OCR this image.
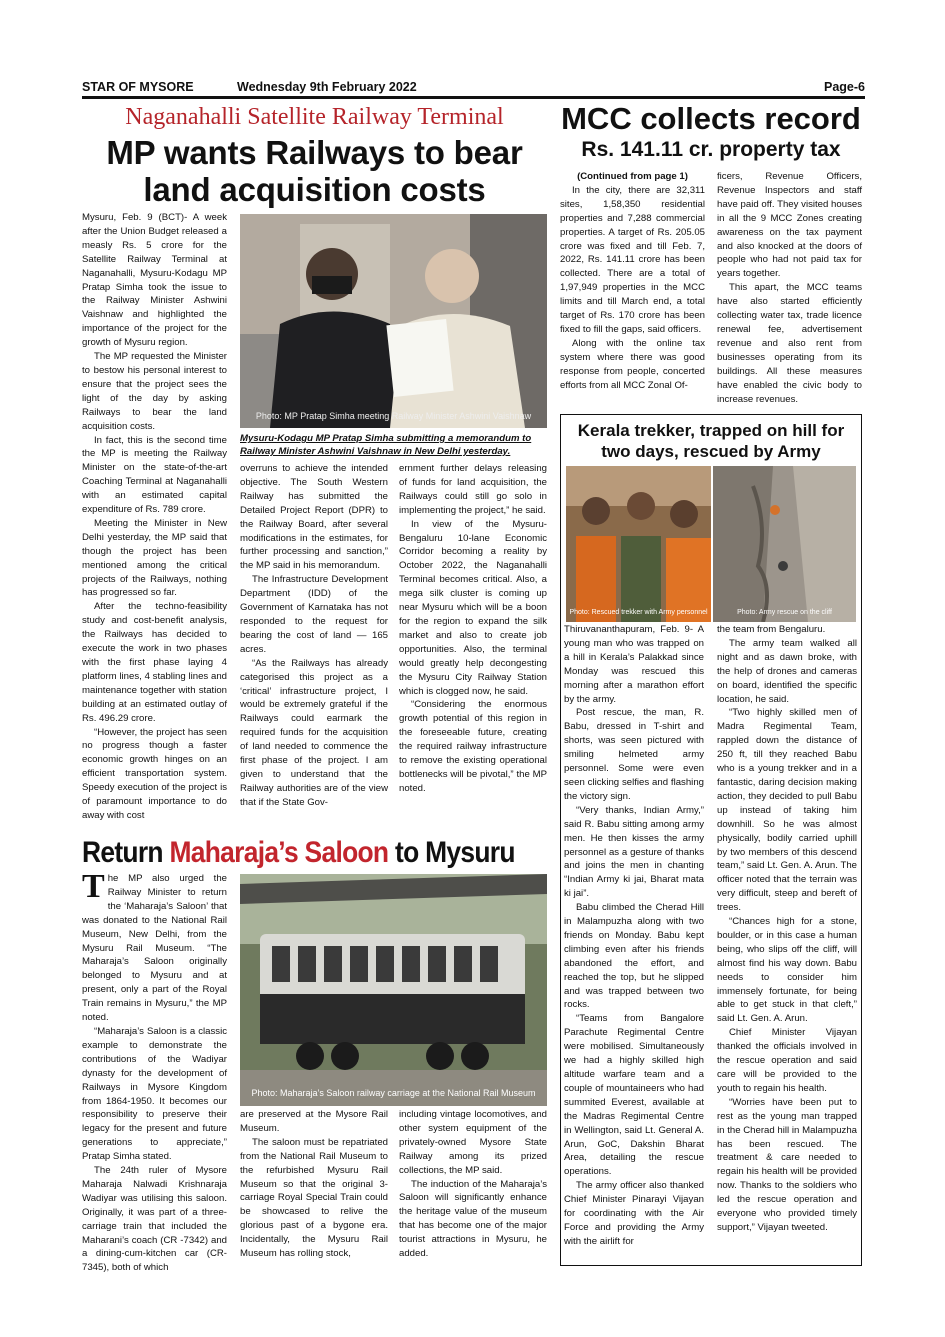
STAR OF MYSORE	Wednesday 9th February 2022	Page-6
Naganahalli Satellite Railway Terminal
MP wants Railways to bear
land acquisition costs

Mysuru, Feb. 9 (BCT)- A week after the Union Budget released a measly Rs. 5 crore for the Satellite Railway Terminal at Naganahalli, Mysuru-Kodagu MP Pratap Simha took the issue to the Railway Minister Ashwini Vaishnaw and highlighted the importance of the project for the growth of Mysuru region.

The MP requested the Minister to bestow his personal interest to ensure that the project sees the light of the day by asking Railways to bear the land acquisition costs.

In fact, this is the second time the MP is meeting the Railway Minister on the state-of-the-art Coaching Terminal at Naganahalli with an estimated capital expenditure of Rs. 789 crore.

Meeting the Minister in New Delhi yesterday, the MP said that though the project has been mentioned among the critical projects of the Railways, nothing has progressed so far.

After the techno-feasibility study and cost-benefit analysis, the Railways has decided to execute the work in two phases with the first phase laying 4 platform lines, 4 stabling lines and maintenance together with station building at an estimated outlay of Rs. 496.29 crore.

“However, the project has seen no progress though a faster economic growth hinges on an efficient transportation system. Speedy execution of the project is of paramount importance to do away with cost

Photo: MP Pratap Simha meeting Railway Minister Ashwini Vaishnaw
Mysuru-Kodagu MP Pratap Simha submitting a memorandum to Railway Minister Ashwini Vaishnaw in New Delhi yesterday.

overruns to achieve the intended objective. The South Western Railway has submitted the Detailed Project Report (DPR) to the Railway Board, after several modifications in the estimates, for further processing and sanction,” the MP said in his memorandum.

The Infrastructure Development Department (IDD) of the Government of Karnataka has not responded to the request for bearing the cost of land — 165 acres.

“As the Railways has already categorised this project as a ‘critical’ infrastructure project, I would be extremely grateful if the Railways could earmark the required funds for the acquisition of land needed to commence the first phase of the project. I am given to understand that the Railway authorities are of the view that if the State Gov-

ernment further delays releasing of funds for land acquisition, the Railways could still go solo in implementing the project,” he said.

In view of the Mysuru-Bengaluru 10-lane Economic Corridor becoming a reality by October 2022, the Naganahalli Terminal becomes critical. Also, a mega silk cluster is coming up near Mysuru which will be a boon for the region to expand the silk market and also to create job opportunities. Also, the terminal would greatly help decongesting the Mysuru City Railway Station which is clogged now, he said.

“Considering the enormous growth potential of this region in the foreseeable future, creating the required railway infrastructure to remove the existing operational bottlenecks will be pivotal,” the MP noted.

MCC collects record
Rs. 141.11 cr. property tax

(Continued from page 1)

In the city, there are 32,311 sites, 1,58,350 residential properties and 7,288 commercial properties. A target of Rs. 205.05 crore was fixed and till Feb. 7, 2022, Rs. 141.11 crore has been collected. There are a total of 1,97,949 properties in the MCC limits and till March end, a total target of Rs. 170 crore has been fixed to fill the gaps, said officers.

Along with the online tax system where there was good response from people, concerted efforts from all MCC Zonal Of-

ficers, Revenue Officers, Revenue Inspectors and staff have paid off. They visited houses in all the 9 MCC Zones creating awareness on the tax payment and also knocked at the doors of people who had not paid tax for years together.

This apart, the MCC teams have also started efficiently collecting water tax, trade licence renewal fee, advertisement revenue and also rent from businesses operating from its buildings. All these measures have enabled the civic body to increase revenues.

Kerala trekker, trapped on hill for two days, rescued by Army
Photo: Rescued trekker with Army personnel	Photo: Army rescue on the cliff

Thiruvananthapuram, Feb. 9- A young man who was trapped on a hill in Kerala’s Palakkad since Monday was rescued this morning after a marathon effort by the army.

Post rescue, the man, R. Babu, dressed in T-shirt and shorts, was seen pictured with smiling helmeted army personnel. Some were even seen clicking selfies and flashing the victory sign.

“Very thanks, Indian Army,” said R. Babu sitting among army men. He then kisses the army personnel as a gesture of thanks and joins the men in chanting “Indian Army ki jai, Bharat mata ki jai”.

Babu climbed the Cherad Hill in Malampuzha along with two friends on Monday. Babu kept climbing even after his friends abandoned the effort, and reached the top, but he slipped and was trapped between two rocks.

“Teams from Bangalore Parachute Regimental Centre were mobilised. Simultaneously we had a highly skilled high altitude warfare team and a couple of mountaineers who had summited Everest, available at the Madras Regimental Centre in Wellington, said Lt. General A. Arun, GoC, Dakshin Bharat Area, detailing the rescue operations.

The army officer also thanked Chief Minister Pinarayi Vijayan for coordinating with the Air Force and providing the Army with the airlift for

the team from Bengaluru.

The army team walked all night and as dawn broke, with the help of drones and cameras on board, identified the specific location, he said.

“Two highly skilled men of Madra Regimental Team, rappled down the distance of 250 ft, till they reached Babu who is a young trekker and in a fantastic, daring decision making action, they decided to pull Babu up instead of taking him downhill. So he was almost physically, bodily carried uphill by two members of this descend team,” said Lt. Gen. A. Arun. The officer noted that the terrain was very difficult, steep and bereft of trees.

“Chances high for a stone, boulder, or in this case a human being, who slips off the cliff, will almost find his way down. Babu needs to consider him immensely fortunate, for being able to get stuck in that cleft,” said Lt. Gen. A. Arun.

Chief Minister Vijayan thanked the officials involved in the rescue operation and said care will be provided to the youth to regain his health.

“Worries have been put to rest as the young man trapped in the Cherad hill in Malampuzha has been rescued. The treatment & care needed to regain his health will be provided now. Thanks to the soldiers who led the rescue operation and everyone who provided timely support,” Vijayan tweeted.

Return Maharaja’s Saloon to Mysuru

The MP also urged the Railway Minister to return the ‘Maharaja’s Saloon’ that was donated to the National Rail Museum, New Delhi, from the Mysuru Rail Museum. “The Maharaja’s Saloon originally belonged to Mysuru and at present, only a part of the Royal Train remains in Mysuru,” the MP noted.

“Maharaja’s Saloon is a classic example to demonstrate the contributions of the Wadiyar dynasty for the development of Railways in Mysore Kingdom from 1864-1950. It becomes our responsibility to preserve their legacy for the present and future generations to appreciate,” Pratap Simha stated.

The 24th ruler of Mysore Maharaja Nalwadi Krishnaraja Wadiyar was utilising this saloon. Originally, it was part of a three-carriage train that included the Maharani’s coach (CR -7342) and a dining-cum-kitchen car (CR-7345), both of which

Photo: Maharaja’s Saloon railway carriage at the National Rail Museum

are preserved at the Mysore Rail Museum.

The saloon must be repatriated from the National Rail Museum to the refurbished Mysuru Rail Museum so that the original 3-carriage Royal Special Train could be showcased to relive the glorious past of a bygone era. Incidentally, the Mysuru Rail Museum has rolling stock,

including vintage locomotives, and other system equipment of the privately-owned Mysore State Railway among its prized collections, the MP said.

The induction of the Maharaja’s Saloon will significantly enhance the heritage value of the museum that has become one of the major tourist attractions in Mysuru, he added.
